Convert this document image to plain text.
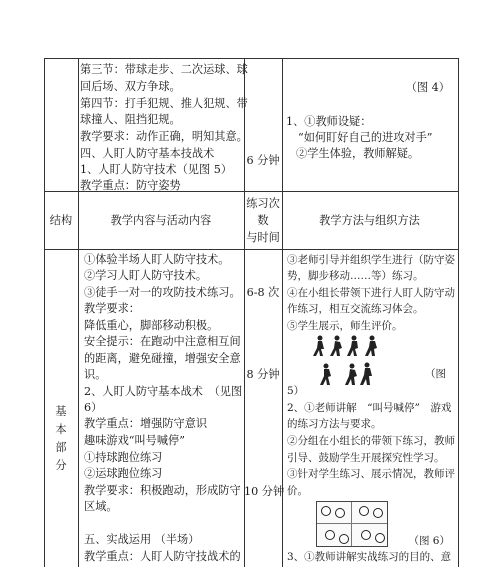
第三节：带球走步、二次运球、球
回后场、双方争球。
第四节：打手犯规、推人犯规、带
球撞人、阻挡犯规。
教学要求：动作正确，明知其意。
四、人盯人防守基本技战术
1、人盯人防守技术（见图 5）
教学重点：防守姿势
6 分钟
（图 4）
1、①教师设疑：
“如何盯好自己的进攻对手”
②学生体验，教师解疑。
结构	教学内容与活动内容
练习次
数
与时间
教学方法与组织方法
基
本
部
分
①体验半场人盯人防守技术。
②学习人盯人防守技术。
③徒手一对一的攻防技术练习。
教学要求：
降低重心，脚部移动积极。
安全提示：在跑动中注意相互间
的距离，避免碰撞，增强安全意
识。
2、人盯人防守基本战术　（见图
6）
教学重点：增强防守意识
趣味游戏“叫号喊停”
①持球跑位练习
②运球跑位练习
教学要求：积极跑动，形成防守
区域。
五、实战运用 （半场）
教学重点：人盯人防守技战术的
6-8 次
8 分钟
10 分钟
③老师引导并组织学生进行（防守姿
势，脚步移动……等）练习。
④在小组长带领下进行人盯人防守动
作练习，相互交流练习体会。
⑤学生展示，师生评价。
（图
5）
2、①老师讲解　“叫号喊停”　游戏
的练习方法与要求。
②分组在小组长的带领下练习，教师
引导、鼓励学生开展探究性学习。
③针对学生练习、展示情况，教师评
价。
（图 6）
3、①教师讲解实战练习的目的、意
